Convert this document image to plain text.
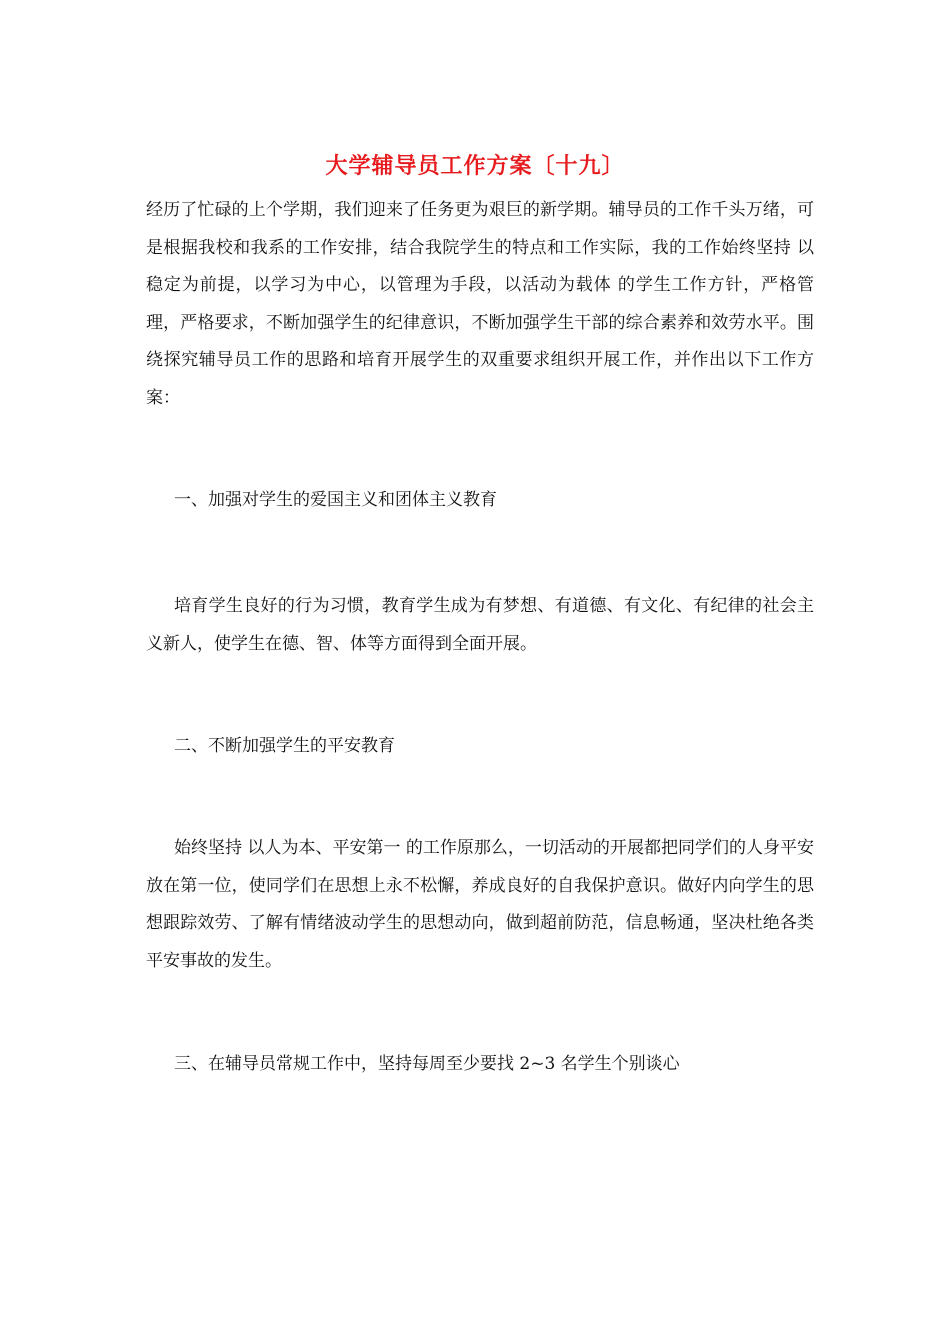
大学辅导员工作方案〔十九〕

经历了忙碌的上个学期，我们迎来了任务更为艰巨的新学期。辅导员的工作千头万绪，可是根据我校和我系的工作安排，结合我院学生的特点和工作实际，我的工作始终坚持 以稳定为前提，以学习为中心，以管理为手段，以活动为载体 的学生工作方针，严格管理，严格要求，不断加强学生的纪律意识，不断加强学生干部的综合素养和效劳水平。围绕探究辅导员工作的思路和培育开展学生的双重要求组织开展工作，并作出以下工作方案：

一、加强对学生的爱国主义和团体主义教育

培育学生良好的行为习惯，教育学生成为有梦想、有道德、有文化、有纪律的社会主义新人，使学生在德、智、体等方面得到全面开展。

二、不断加强学生的平安教育

始终坚持 以人为本、平安第一 的工作原那么，一切活动的开展都把同学们的人身平安放在第一位，使同学们在思想上永不松懈，养成良好的自我保护意识。做好内向学生的思想跟踪效劳、了解有情绪波动学生的思想动向，做到超前防范，信息畅通，坚决杜绝各类平安事故的发生。

三、在辅导员常规工作中，坚持每周至少要找 2~3 名学生个别谈心
